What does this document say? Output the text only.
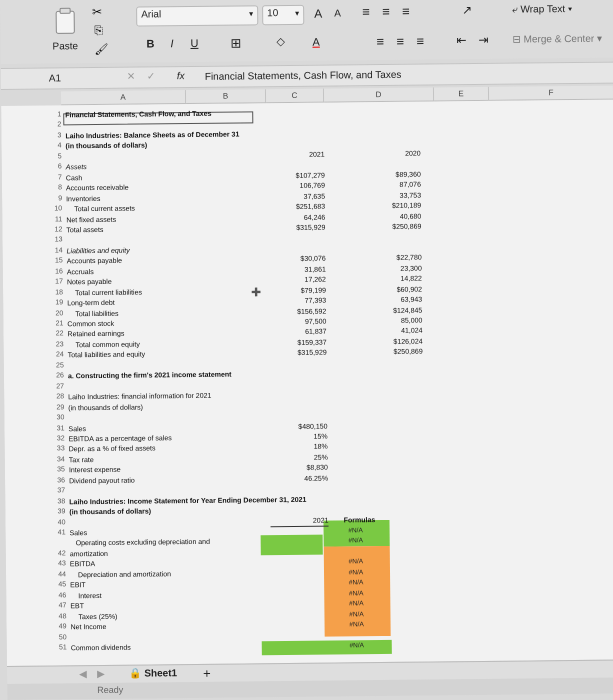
Paste
✂
⎘
🖌
Arial	▾	10 ▾ A A
B I U ⊞	◇ A
≡ ≡ ≡
≡ ≡ ≡	⇤ ⇥
↗	⤶ Wrap Text ▾
⊟ Merge & Center ▾
A1	✕ ✓ fx Financial Statements, Cash Flow, and Taxes
A	B	C	D	E	F
1 Financial Statements, Cash Flow, and Taxes
2
3 Laiho Industries: Balance Sheets as of December 31
4 (in thousands of dollars)
5	2021	2020
6 Assets
7 Cash	$107,279	$89,360
8 Accounts receivable	106,769	87,076
9 Inventories	37,635	33,753
10 Total current assets	$251,683	$210,189
11 Net fixed assets	64,246	40,680
12 Total assets	$315,929	$250,869
13
14 Liabilities and equity
15 Accounts payable	$30,076	$22,780
16 Accruals	31,861	23,300
17 Notes payable	17,262	14,822
18 Total current liabilities	$79,199	$60,902
19 Long-term debt	77,393	63,943
20 Total liabilities	$156,592	$124,845
21 Common stock	97,500	85,000
22 Retained earnings	61,837	41,024
23 Total common equity	$159,337	$126,024
24 Total liabilities and equity	$315,929	$250,869
25
26 a. Constructing the firm's 2021 income statement
27
28 Laiho Industries: financial information for 2021
29 (in thousands of dollars)
30
31 Sales	$480,150
32 EBITDA as a percentage of sales	15%
33 Depr. as a % of fixed assets	18%
34 Tax rate	25%
35 Interest expense	$8,830
36 Dividend payout ratio	46.25%
37
38 Laiho Industries: Income Statement for Year Ending December 31, 2021
39 (in thousands of dollars)
40	2021	Formulas
41 Sales	#N/A
Operating costs excluding depreciation and	#N/A
42 amortization
43 EBITDA	#N/A
44 Depreciation and amortization	#N/A
45 EBIT	#N/A
46 Interest	#N/A
47 EBT	#N/A
48 Taxes (25%)	#N/A
49 Net Income	#N/A
50
51 Common dividends	#N/A
✚
◀ ▶ 🔒 Sheet1 +
Ready
